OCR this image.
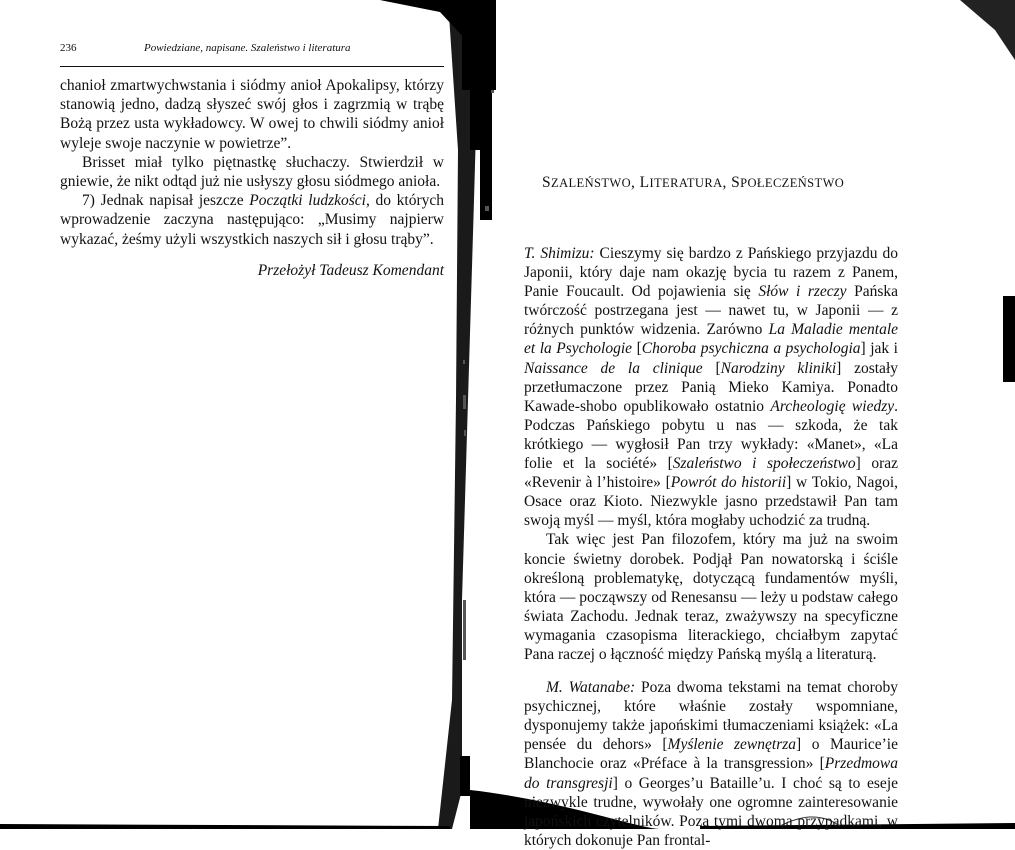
236	Powiedziane, napisane. Szaleństwo i literatura

chanioł zmartwychwstania i siódmy anioł Apokalipsy, którzy stanowią jedno, dadzą słyszeć swój głos i zagrzmią w trąbę Bożą przez usta wykładowcy. W owej to chwili siódmy anioł wyleje swoje naczynie w powietrze”.

Brisset miał tylko piętnastkę słuchaczy. Stwierdził w gniewie, że nikt odtąd już nie usłyszy głosu siódmego anioła.

7) Jednak napisał jeszcze Początki ludzkości, do których wprowadzenie zaczyna następująco: „Musimy najpierw wykazać, żeśmy użyli wszystkich naszych sił i głosu trąby”.

Przełożył Tadeusz Komendant
SZALEŃSTWO, LITERATURA, SPOŁECZEŃSTWO

T. Shimizu: Cieszymy się bardzo z Pańskiego przyjazdu do Japonii, który daje nam okazję bycia tu razem z Panem, Panie Foucault. Od pojawienia się Słów i rzeczy Pańska twórczość postrzegana jest — nawet tu, w Japonii — z różnych punktów widzenia. Zarówno La Maladie mentale et la Psychologie [Choroba psychiczna a psychologia] jak i Naissance de la clinique [Narodziny kliniki] zostały przetłumaczone przez Panią Mieko Kamiya. Ponadto Kawade-shobo opublikowało ostatnio Archeologię wiedzy. Podczas Pańskiego pobytu u nas — szkoda, że tak krótkiego — wygłosił Pan trzy wykłady: «Manet», «La folie et la société» [Szaleństwo i społeczeństwo] oraz «Revenir à l’histoire» [Powrót do historii] w Tokio, Nagoi, Osace oraz Kioto. Niezwykle jasno przedstawił Pan tam swoją myśl — myśl, która mogłaby uchodzić za trudną.

Tak więc jest Pan filozofem, który ma już na swoim koncie świetny dorobek. Podjął Pan nowatorską i ściśle określoną problematykę, dotyczącą fundamentów myśli, która — począwszy od Renesansu — leży u podstaw całego świata Zachodu. Jednak teraz, zważywszy na specyficzne wymagania czasopisma literackiego, chciałbym zapytać Pana raczej o łączność między Pańską myślą a literaturą.

M. Watanabe: Poza dwoma tekstami na temat choroby psychicznej, które właśnie zostały wspomniane, dysponujemy także japońskimi tłumaczeniami książek: «La pensée du dehors» [Myślenie zewnętrza] o Maurice’ie Blanchocie oraz «Préface à la transgression» [Przedmowa do transgresji] o Georges’u Bataille’u. I choć są to eseje niezwykle trudne, wywołały one ogromne zainteresowanie japońskich czytelników. Poza tymi dwoma przypadkami, w których dokonuje Pan frontal-
